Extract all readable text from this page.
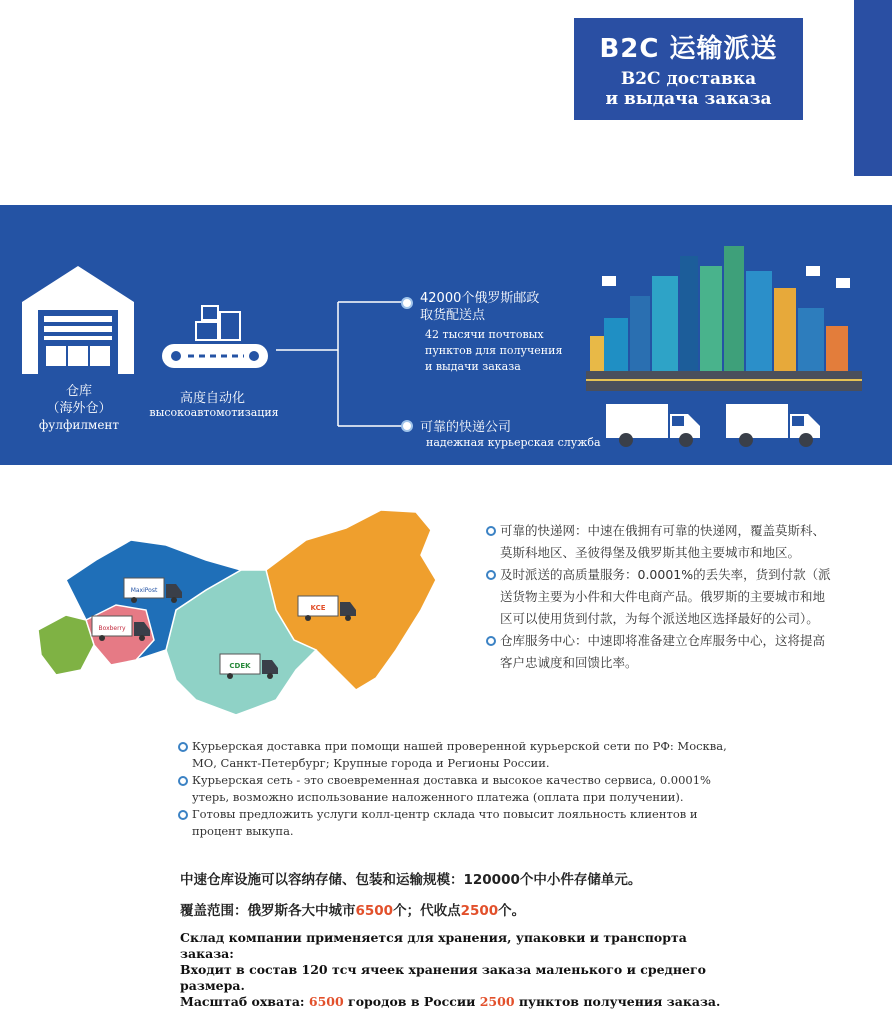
B2C 运输派送
B2C доставка
и выдача заказа
仓库
（海外仓）
фулфилмент
高度自动化
высокоавтомотизация
42000个俄罗斯邮政
取货配送点
42 тысячи почтовых
пунктов для получения
и выдачи заказа
可靠的快递公司
надежная курьерская служба
MaxiPost
Boxberry
KCE
CDEK
可靠的快递网：中速在俄拥有可靠的快递网，覆盖莫斯科、莫斯科地区、圣彼得堡及俄罗斯其他主要城市和地区。
及时派送的高质量服务：0.0001%的丢失率，货到付款（派送货物主要为小件和大件电商产品。俄罗斯的主要城市和地区可以使用货到付款，为每个派送地区选择最好的公司）。
仓库服务中心：中速即将准备建立仓库服务中心，这将提高客户忠诚度和回馈比率。
Курьерская доставка при помощи нашей проверенной курьерской сети по РФ: Москва, МО, Санкт-Петербург; Крупные города и Регионы России.
Курьерская сеть - это своевременная доставка и высокое качество сервиса, 0.0001% утерь, возможно использование наложенного платежа (оплата при получении).
Готовы предложить услуги колл-центр склада что повысит лояльность клиентов и процент выкупа.
中速仓库设施可以容纳存储、包装和运输规模：120000个中小件存储单元。
覆盖范围：俄罗斯各大中城市6500个；代收点2500个。
Склад компании применяется для хранения, упаковки и транспорта заказа:
Входит в состав 120 тсч ячеек хранения заказа маленького и среднего размера.
Масштаб охвата: 6500 городов в России 2500 пунктов получения заказа.
